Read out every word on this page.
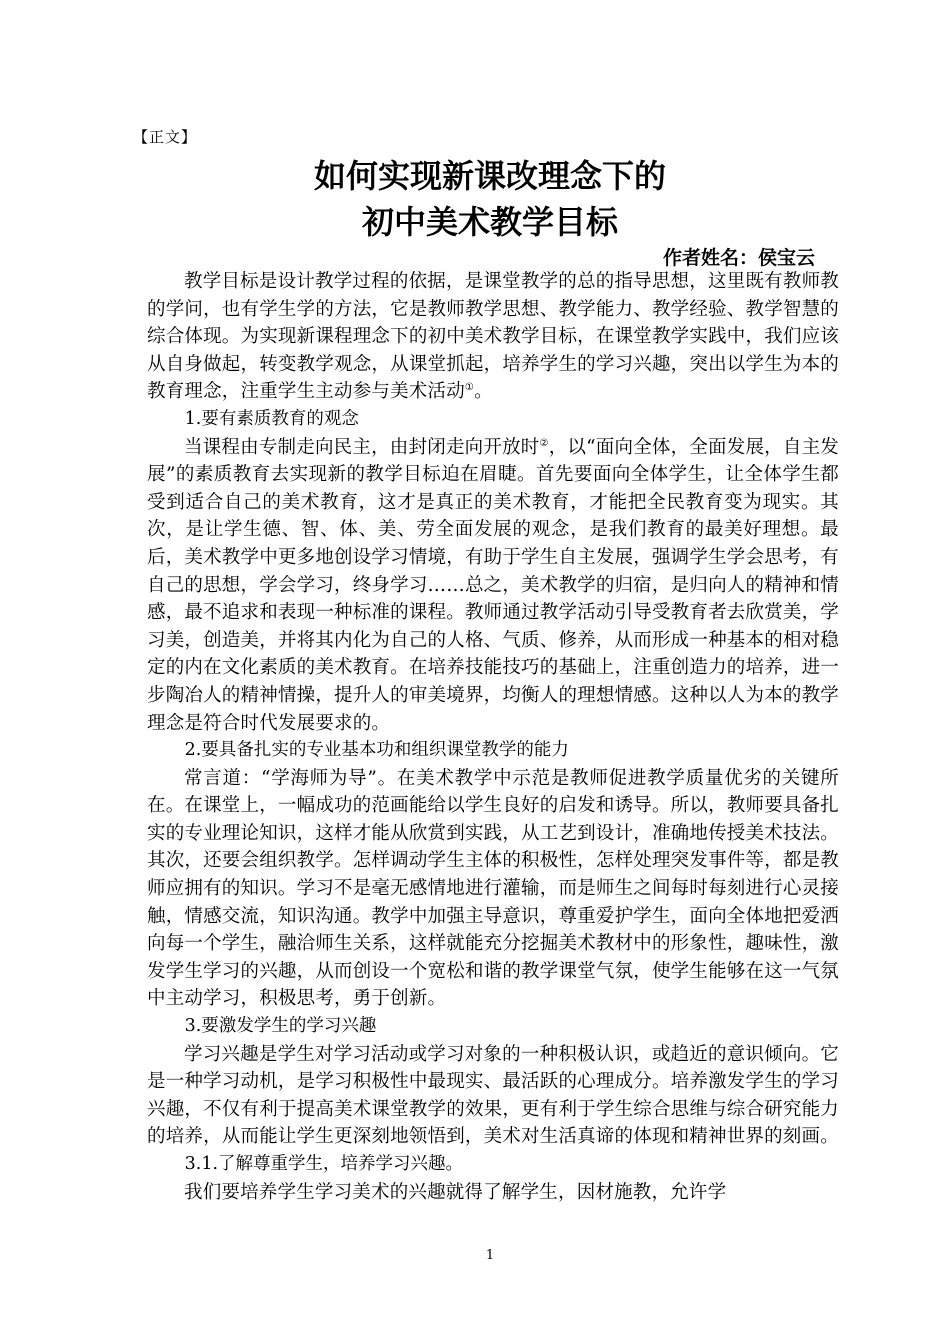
【正文】
如何实现新课改理念下的
初中美术教学目标
作者姓名：侯宝云

教学目标是设计教学过程的依据，是课堂教学的总的指导思想，这里既有教师教的学问，也有学生学的方法，它是教师教学思想、教学能力、教学经验、教学智慧的综合体现。为实现新课程理念下的初中美术教学目标，在课堂教学实践中，我们应该从自身做起，转变教学观念，从课堂抓起，培养学生的学习兴趣，突出以学生为本的教育理念，注重学生主动参与美术活动①。

1.要有素质教育的观念

当课程由专制走向民主，由封闭走向开放时②，以“面向全体，全面发展，自主发展”的素质教育去实现新的教学目标迫在眉睫。首先要面向全体学生，让全体学生都受到适合自己的美术教育，这才是真正的美术教育，才能把全民教育变为现实。其次，是让学生德、智、体、美、劳全面发展的观念，是我们教育的最美好理想。最后，美术教学中更多地创设学习情境，有助于学生自主发展，强调学生学会思考，有自己的思想，学会学习，终身学习……总之，美术教学的归宿，是归向人的精神和情感，最不追求和表现一种标准的课程。教师通过教学活动引导受教育者去欣赏美，学习美，创造美，并将其内化为自己的人格、气质、修养，从而形成一种基本的相对稳定的内在文化素质的美术教育。在培养技能技巧的基础上，注重创造力的培养，进一步陶冶人的精神情操，提升人的审美境界，均衡人的理想情感。这种以人为本的教学理念是符合时代发展要求的。

2.要具备扎实的专业基本功和组织课堂教学的能力

常言道：“学海师为导”。在美术教学中示范是教师促进教学质量优劣的关键所在。在课堂上，一幅成功的范画能给以学生良好的启发和诱导。所以，教师要具备扎实的专业理论知识，这样才能从欣赏到实践，从工艺到设计，准确地传授美术技法。其次，还要会组织教学。怎样调动学生主体的积极性，怎样处理突发事件等，都是教师应拥有的知识。学习不是毫无感情地进行灌输，而是师生之间每时每刻进行心灵接触，情感交流，知识沟通。教学中加强主导意识，尊重爱护学生，面向全体地把爱洒向每一个学生，融洽师生关系，这样就能充分挖掘美术教材中的形象性，趣味性，激发学生学习的兴趣，从而创设一个宽松和谐的教学课堂气氛，使学生能够在这一气氛中主动学习，积极思考，勇于创新。

3.要激发学生的学习兴趣

学习兴趣是学生对学习活动或学习对象的一种积极认识，或趋近的意识倾向。它是一种学习动机，是学习积极性中最现实、最活跃的心理成分。培养激发学生的学习兴趣，不仅有利于提高美术课堂教学的效果，更有利于学生综合思维与综合研究能力的培养，从而能让学生更深刻地领悟到，美术对生活真谛的体现和精神世界的刻画。

3.1.了解尊重学生，培养学习兴趣。

我们要培养学生学习美术的兴趣就得了解学生，因材施教，允许学

1
